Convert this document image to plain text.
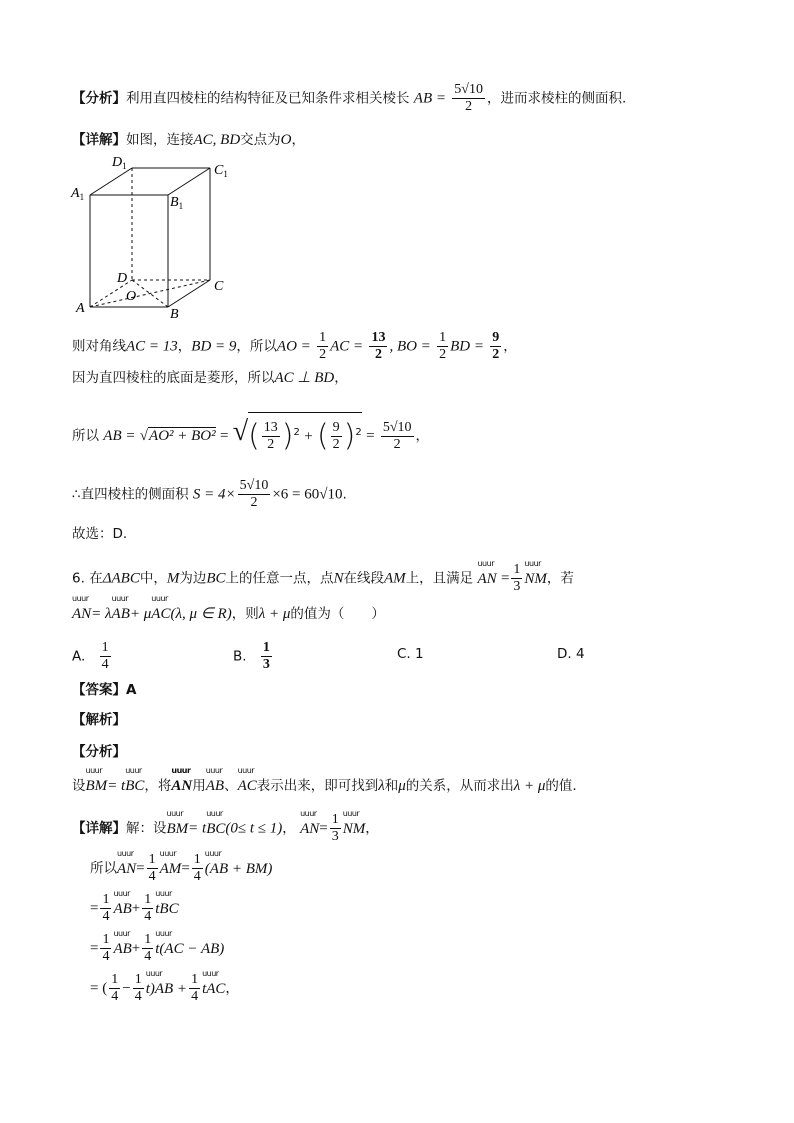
【分析】利用直四棱柱的结构特征及已知条件求相关棱长 AB = $\frac{5√10}{2}$ ，进而求棱柱的侧面积.
【详解】如图，连接AC, BD交点为O，
$D_1$	$C_1$
$A_1$	$B_1$
D
O
C
A	B
则对角线AC = 13，BD = 9，所以AO = $\frac{1}{2}$ AC = $\frac{13}{2}$ , BO = $\frac{1}{2}$ BD = $\frac{9}{2}$ ，
因为直四棱柱的底面是菱形，所以AC ⊥ BD，
所以 AB = √AO² + BO² = √( $\frac{13}{2} )^2$ + ( $\frac{9}{2} )^2 = \frac{5√10}{2}$ ，
∴直四棱柱的侧面积 $S = 4\times \frac{5√10}{2} \times 6 = 60√10$.
故选：D.
6. 在ΔABC中，M为边BC上的任意一点，点N在线段AM上，且满足 uuur AN = $\frac{1}{3}$ uuur NM，若
uuur AN= λuuur AB+ μuuur AC(λ, μ ∈ R)，则λ + μ的值为（　　）
A. $\frac{1}{4}$	B. $\frac{1}{3}$	C. 1	D. 4
【答案】A
【解析】
【分析】
设uuur BM= tuuur BC，将uuur AN用uuur AB、uuur AC表示出来，即可找到λ和μ的关系，从而求出λ + μ的值.
【详解】解：设uuur BM= tuuur BC(0≤ t ≤ 1)， uuur $AN= \frac{1}{3}$ uuur NM，
所以uuur $AN= \frac{1}{4}$ uuur $AM= \frac{1}{4}$ uuur (AB + BM)
= $\frac{1}{4}$ uuur $AB+ \frac{1}{4}$ uuur tBC
= $\frac{1}{4}$ uuur $AB+ \frac{1}{4}$ uuur t(AC − AB)
= ( $\frac{1}{4} - \frac{1}{4}$ uuur $t)AB + \frac{1}{4}$ uuur tAC，
